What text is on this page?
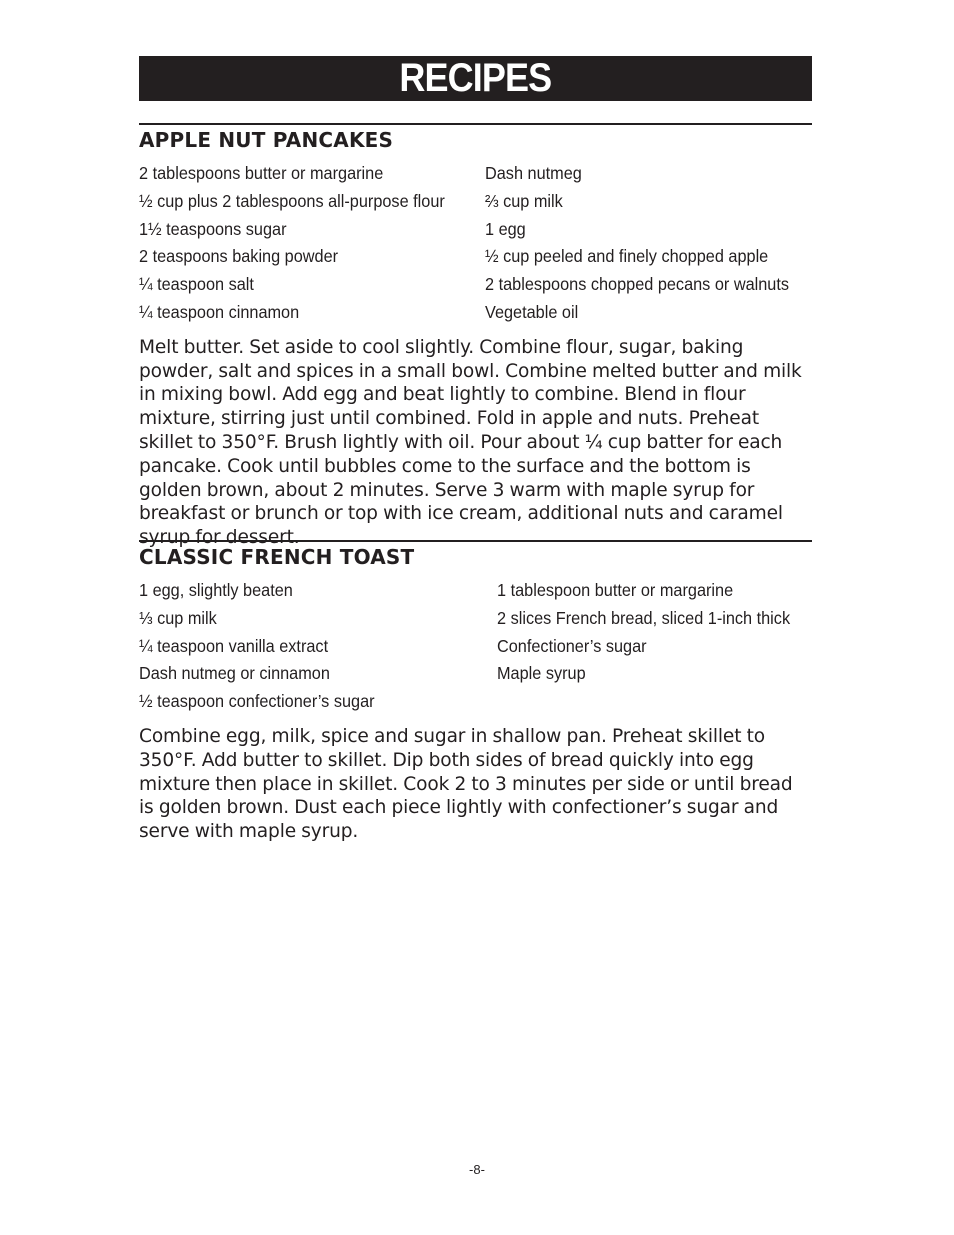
RECIPES
APPLE NUT PANCAKES
2 tablespoons butter or margarine
½ cup plus 2 tablespoons all-purpose flour
1½ teaspoons sugar
2 teaspoons baking powder
¼ teaspoon salt
¼ teaspoon cinnamon
Dash nutmeg
⅔ cup milk
1 egg
½ cup peeled and finely chopped apple
2 tablespoons chopped pecans or walnuts
Vegetable oil

Melt butter. Set aside to cool slightly. Combine flour, sugar, baking powder, salt and spices in a small bowl. Combine melted butter and milk in mixing bowl. Add egg and beat lightly to combine. Blend in flour mixture, stirring just until combined. Fold in apple and nuts. Preheat skillet to 350°F. Brush lightly with oil. Pour about ¼ cup batter for each pancake. Cook until bubbles come to the surface and the bottom is golden brown, about 2 minutes. Serve 3 warm with maple syrup for breakfast or brunch or top with ice cream, additional nuts and caramel syrup for dessert.

CLASSIC FRENCH TOAST
1 egg, slightly beaten
⅓ cup milk
¼ teaspoon vanilla extract
Dash nutmeg or cinnamon
½ teaspoon confectioner’s sugar
1 tablespoon butter or margarine
2 slices French bread, sliced 1-inch thick
Confectioner’s sugar
Maple syrup

Combine egg, milk, spice and sugar in shallow pan. Preheat skillet to 350°F. Add butter to skillet. Dip both sides of bread quickly into egg mixture then place in skillet. Cook 2 to 3 minutes per side or until bread is golden brown. Dust each piece lightly with confectioner’s sugar and serve with maple syrup.

-8-
